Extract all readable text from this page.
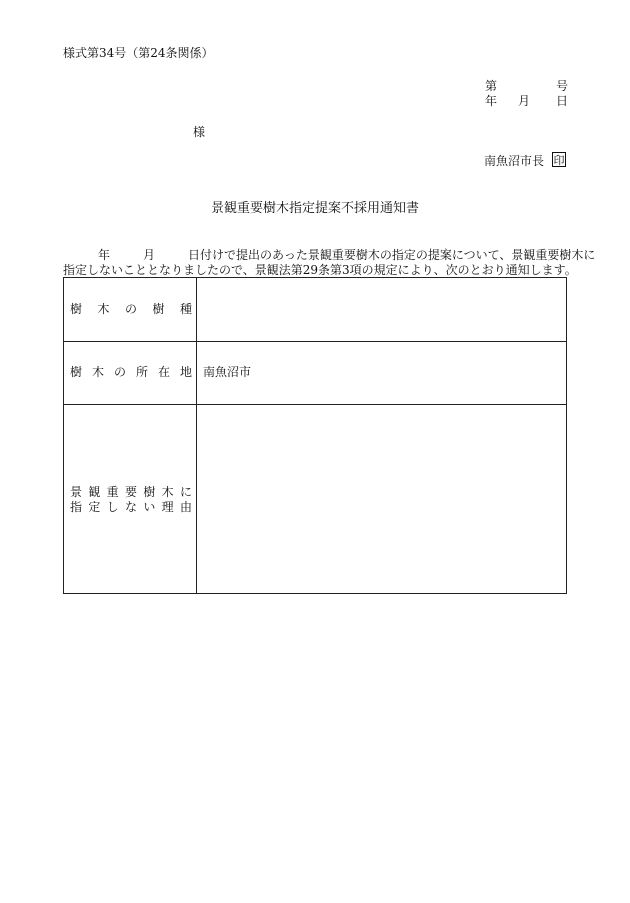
様式第34号（第24条関係）
第	号
年 月 日
様
南魚沼市長 印
景観重要樹木指定提案不採用通知書
年	月	日付けで提出のあった景観重要樹木の指定の提案について、景観重要樹木に
指定しないこととなりましたので、景観法第29条第3項の規定により、次のとおり通知します。
樹木の樹種
樹木の所在地 南魚沼市
景観重要樹木に
指定しない理由
